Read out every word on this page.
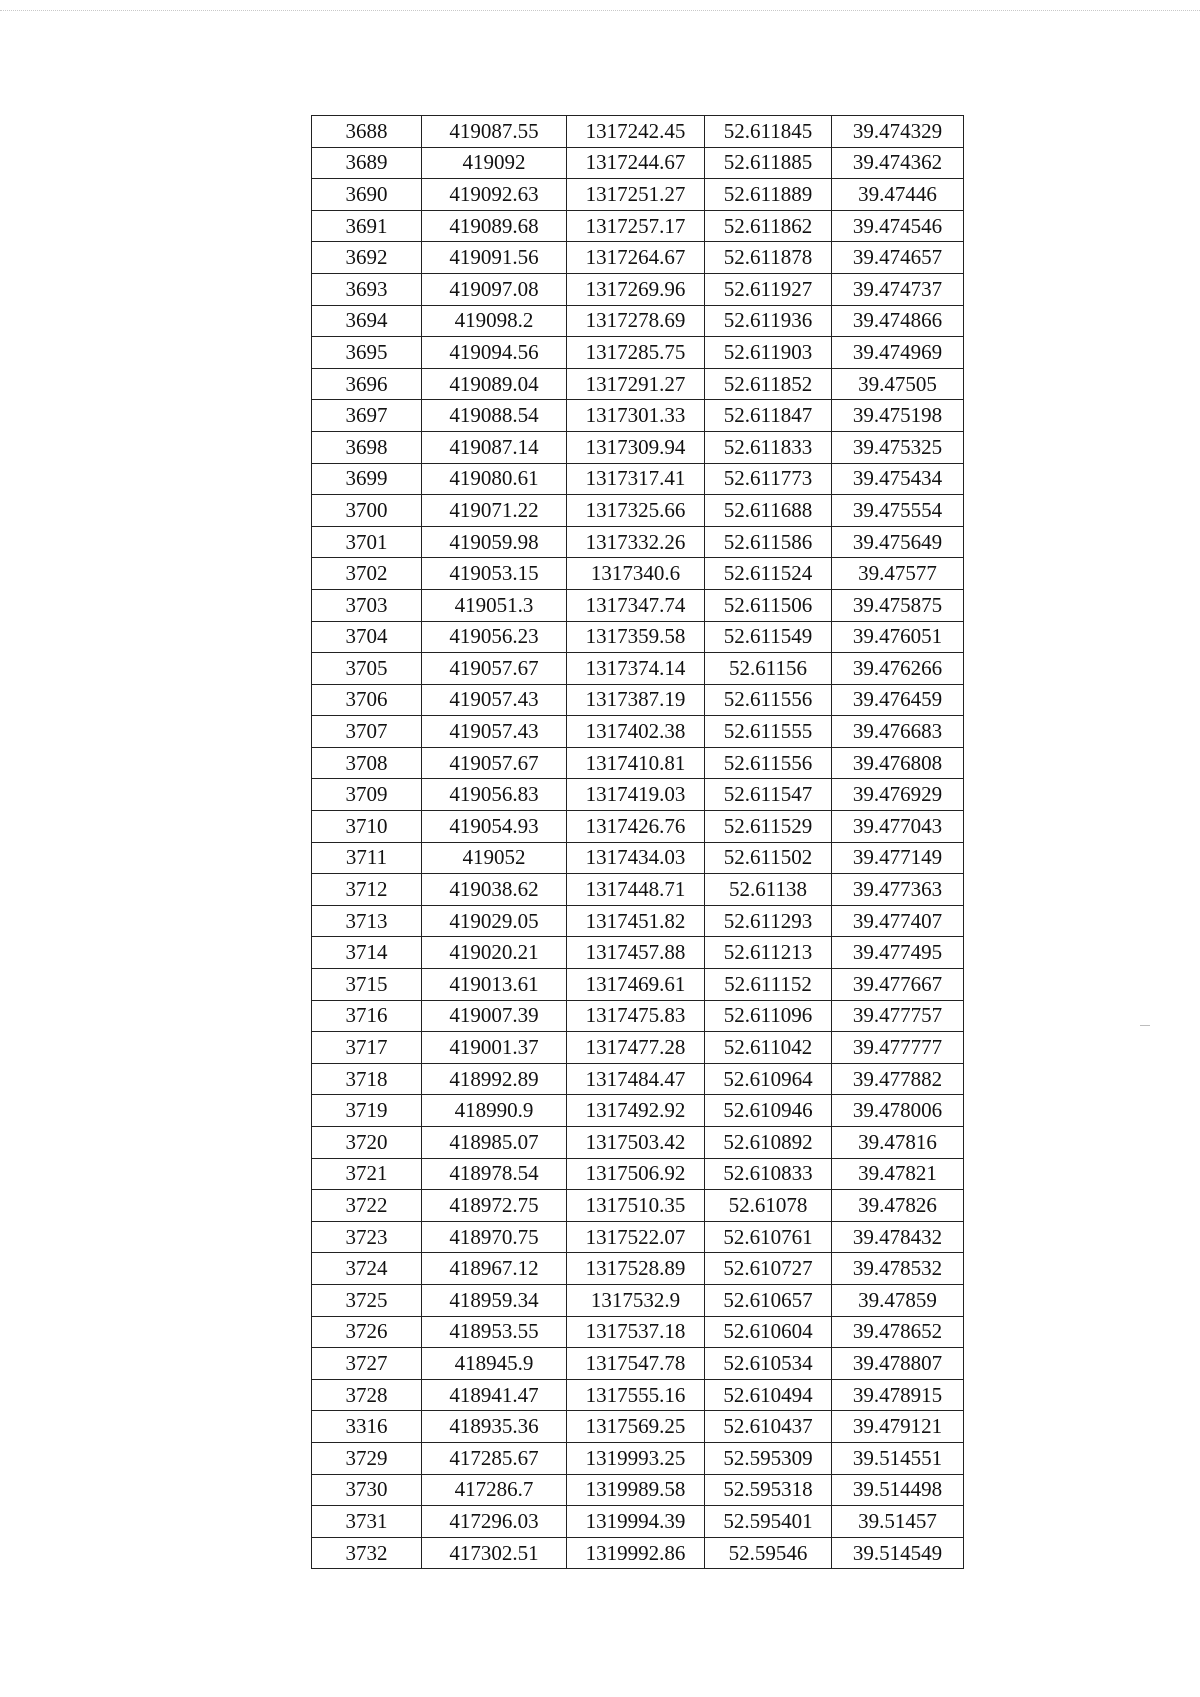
3688	419087.55	1317242.45	52.611845	39.474329
3689	419092	1317244.67	52.611885	39.474362
3690	419092.63	1317251.27	52.611889	39.47446
3691	419089.68	1317257.17	52.611862	39.474546
3692	419091.56	1317264.67	52.611878	39.474657
3693	419097.08	1317269.96	52.611927	39.474737
3694	419098.2	1317278.69	52.611936	39.474866
3695	419094.56	1317285.75	52.611903	39.474969
3696	419089.04	1317291.27	52.611852	39.47505
3697	419088.54	1317301.33	52.611847	39.475198
3698	419087.14	1317309.94	52.611833	39.475325
3699	419080.61	1317317.41	52.611773	39.475434
3700	419071.22	1317325.66	52.611688	39.475554
3701	419059.98	1317332.26	52.611586	39.475649
3702	419053.15	1317340.6	52.611524	39.47577
3703	419051.3	1317347.74	52.611506	39.475875
3704	419056.23	1317359.58	52.611549	39.476051
3705	419057.67	1317374.14	52.61156	39.476266
3706	419057.43	1317387.19	52.611556	39.476459
3707	419057.43	1317402.38	52.611555	39.476683
3708	419057.67	1317410.81	52.611556	39.476808
3709	419056.83	1317419.03	52.611547	39.476929
3710	419054.93	1317426.76	52.611529	39.477043
3711	419052	1317434.03	52.611502	39.477149
3712	419038.62	1317448.71	52.61138	39.477363
3713	419029.05	1317451.82	52.611293	39.477407
3714	419020.21	1317457.88	52.611213	39.477495
3715	419013.61	1317469.61	52.611152	39.477667
3716	419007.39	1317475.83	52.611096	39.477757
3717	419001.37	1317477.28	52.611042	39.477777
3718	418992.89	1317484.47	52.610964	39.477882
3719	418990.9	1317492.92	52.610946	39.478006
3720	418985.07	1317503.42	52.610892	39.47816
3721	418978.54	1317506.92	52.610833	39.47821
3722	418972.75	1317510.35	52.61078	39.47826
3723	418970.75	1317522.07	52.610761	39.478432
3724	418967.12	1317528.89	52.610727	39.478532
3725	418959.34	1317532.9	52.610657	39.47859
3726	418953.55	1317537.18	52.610604	39.478652
3727	418945.9	1317547.78	52.610534	39.478807
3728	418941.47	1317555.16	52.610494	39.478915
3316	418935.36	1317569.25	52.610437	39.479121
3729	417285.67	1319993.25	52.595309	39.514551
3730	417286.7	1319989.58	52.595318	39.514498
3731	417296.03	1319994.39	52.595401	39.51457
3732	417302.51	1319992.86	52.59546	39.514549
